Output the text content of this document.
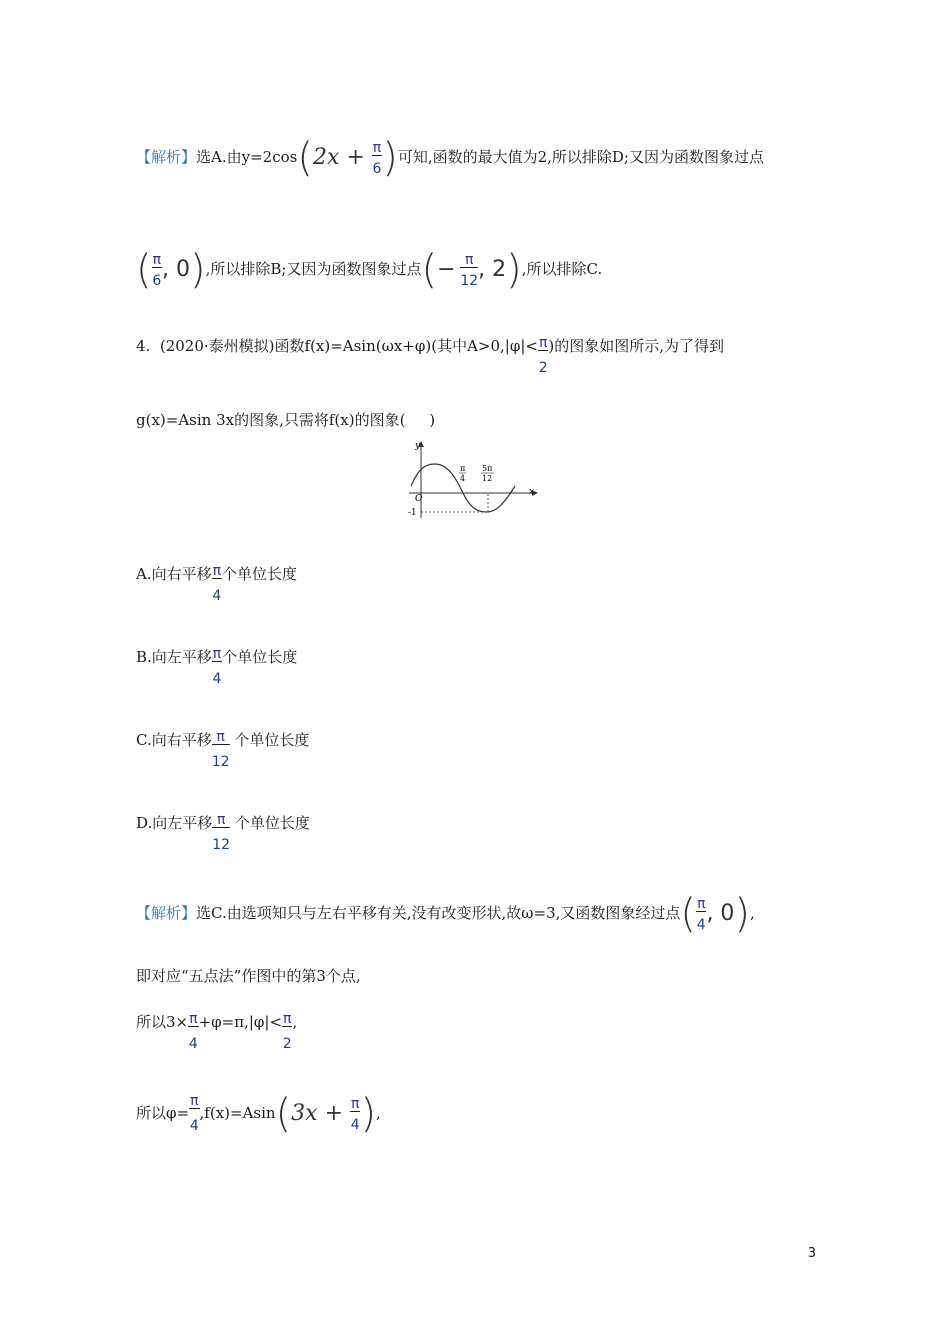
【解析】选A.由$y=2\cos(2x + \frac{\pi}{6}$ )可知,函数的最大值为2,所以排除D;又因为函数图象过点
( $\frac{\pi}{6}$ , 0),所以排除B;又因为函数图象过点(− $\frac{\pi}{12}$ , 2),所以排除C.
4.  (2020·泰州模拟)函数f(x)=Asin(ωx+φ)(其中$A>0,|\varphi|< \frac{\pi}{2}$ )的图象如图所示,为了得到
g(x)=Asin 3x的图象,只需将f(x)的图象(     )
y
x
O
-1
π
4
5π
12
A.向右平移 $\frac{\pi}{4}$ 个单位长度
B.向左平移 $\frac{\pi}{4}$ 个单位长度
C.向右平移 $\frac{\pi}{12}$ 个单位长度
D.向左平移 $\frac{\pi}{12}$ 个单位长度
【解析】选C.由选项知只与左右平移有关,没有改变形状,故ω=3,又函数图象经过点( $\frac{\pi}{4}$ , 0),
即对应“五点法”作图中的第3个点,
所以$3\times \frac{\pi}{4} +\varphi=\pi,|\varphi|< \frac{\pi}{2}$ ,
所以$\varphi= \frac{\pi}{4} ,f(x)=Asin(3x + \frac{\pi}{4}$ ),
3
